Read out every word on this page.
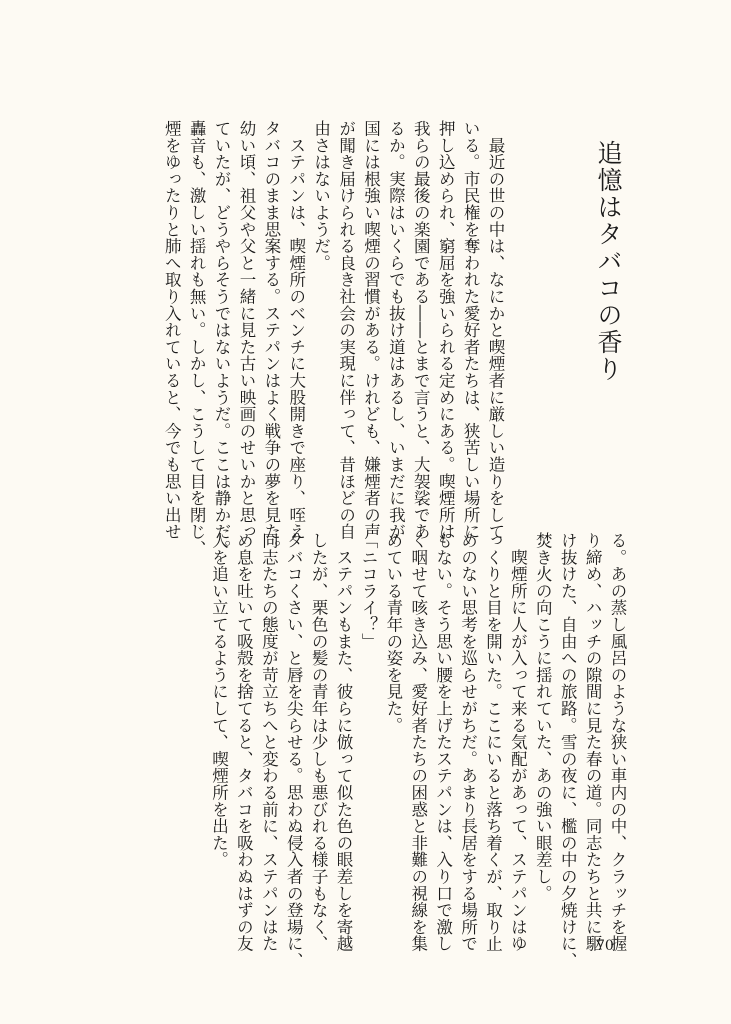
追憶はタバコの香り
　最近の世の中は、なにかと喫煙者に厳しい造りをして
いる。市民権を奪われた愛好者たちは、狭苦しい場所に
押し込められ、窮屈を強いられる定めにある。喫煙所は
我らの最後の楽園である――とまで言うと、大袈裟であ
るか。実際はいくらでも抜け道はあるし、いまだに我が
国には根強い喫煙の習慣がある。けれども、嫌煙者の声
が聞き届けられる良き社会の実現に伴って、昔ほどの自
由さはないようだ。
　ステパンは、喫煙所のベンチに大股開きで座り、咥え
タバコのまま思案する。ステパンはよく戦争の夢を見た。
幼い頃、祖父や父と一緒に見た古い映画のせいかと思っ
ていたが、どうやらそうではないようだ。ここは静かだ。
轟音も、激しい揺れも無い。しかし、こうして目を閉じ、
煙をゆったりと肺へ取り入れていると、今でも思い出せ
る。あの蒸し風呂のような狭い車内の中、クラッチを握
り締め、ハッチの隙間に見た春の道。同志たちと共に駆
け抜けた、自由への旅路。雪の夜に、檻の中の夕焼けに、
焚き火の向こうに揺れていた、あの強い眼差し。
　喫煙所に人が入って来る気配があって、ステパンはゆ
っくりと目を開いた。ここにいると落ち着くが、取り止
めのない思考を巡らせがちだ。あまり長居をする場所で
もない。そう思い腰を上げたステパンは、入り口で激し
く咽せて咳き込み、愛好者たちの困惑と非難の視線を集
めている青年の姿を見た。
「ニコライ？」
　ステパンもまた、彼らに倣って似た色の眼差しを寄越
したが、栗色の髪の青年は少しも悪びれる様子もなく、
タバコくさい、と唇を尖らせる。思わぬ侵入者の登場に、
同志たちの態度が苛立ちへと変わる前に、ステパンはた
め息を吐いて吸殻を捨てると、タバコを吸わぬはずの友
人を追い立てるようにして、喫煙所を出た。
70
